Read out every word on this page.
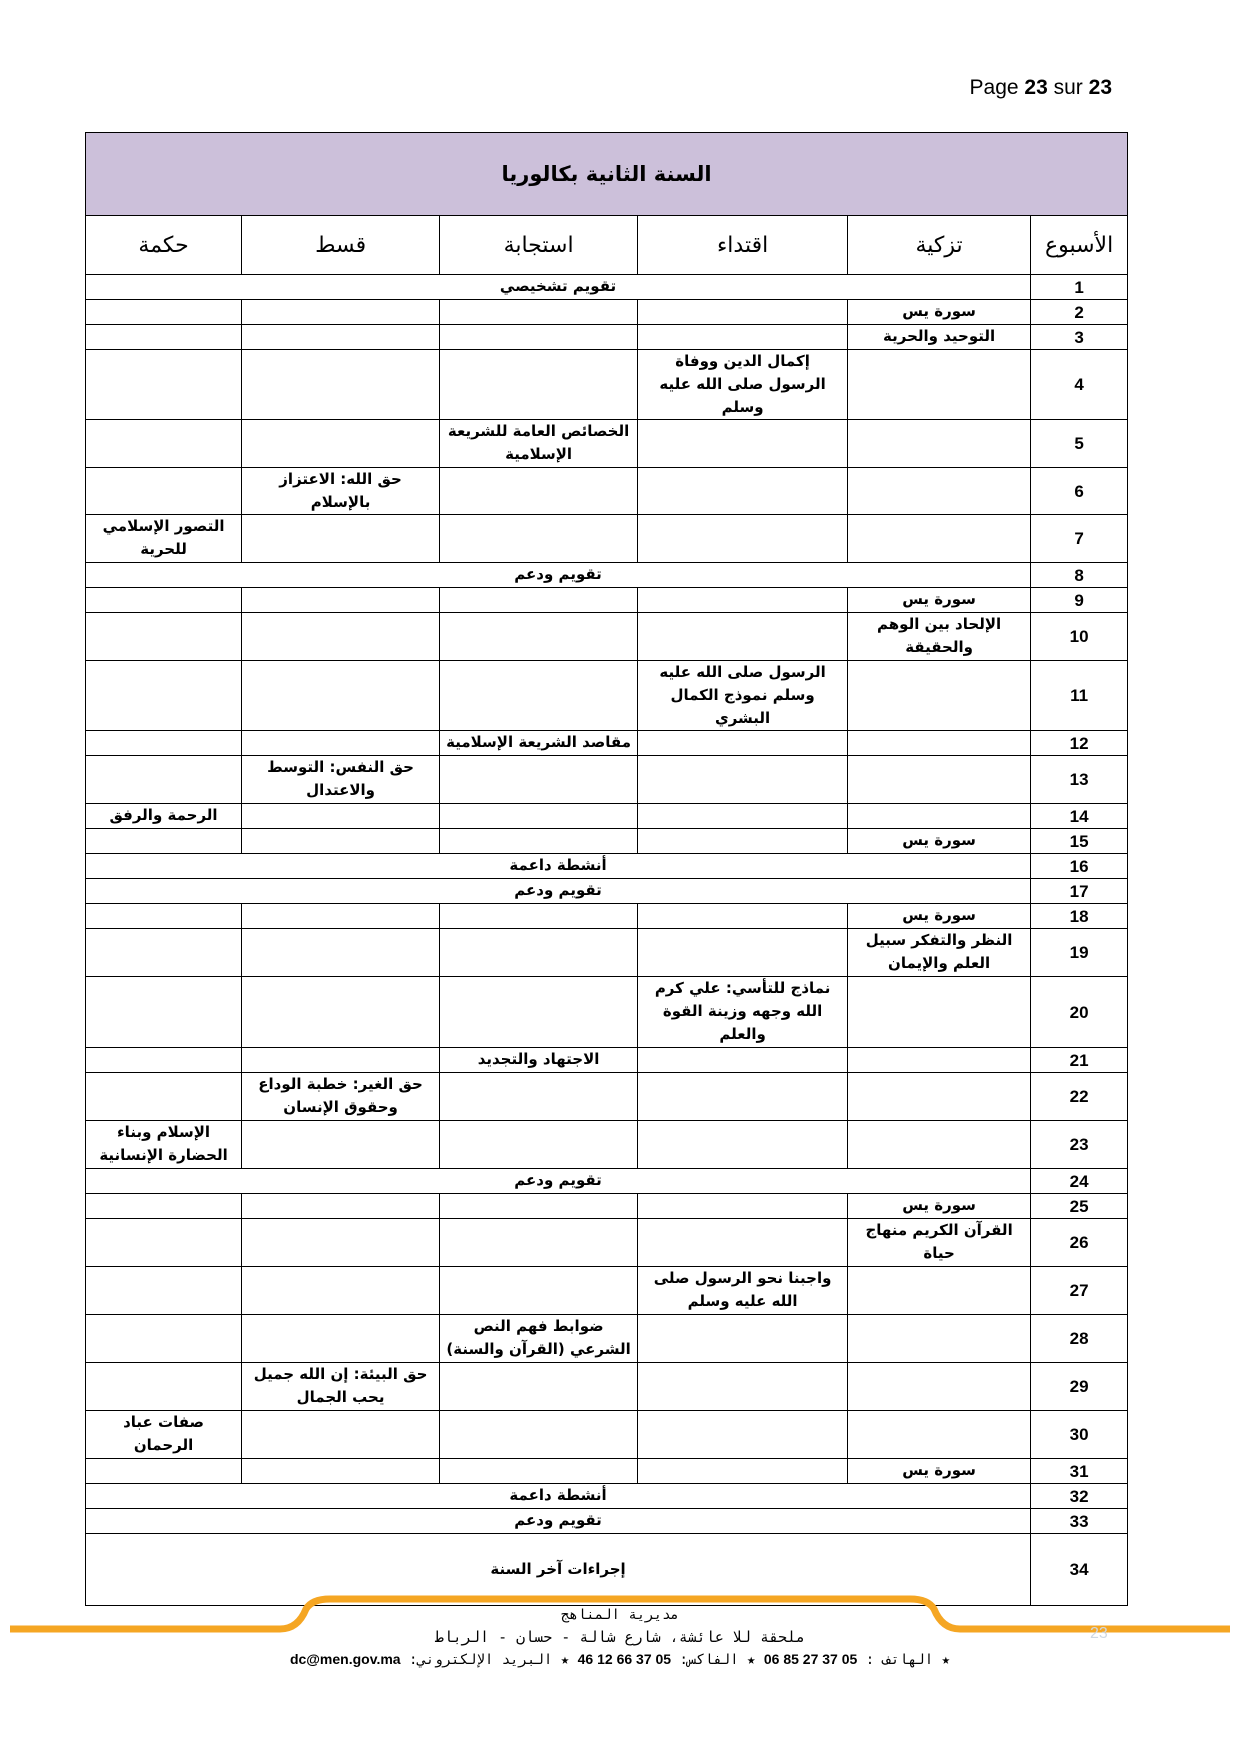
Page 23 sur 23
السنة الثانية بكالوريا					
الأسبوع	تزكية	اقتداء	استجابة	قسط	حكمة
1	تقويم تشخيصي				
2	سورة يس				
3	التوحيد والحرية				
4		إكمال الدين ووفاة الرسول صلى الله عليه وسلم			
5			الخصائص العامة للشريعة الإسلامية		
6				حق الله: الاعتزاز بالإسلام	
7					التصور الإسلامي للحرية
8	تقويم ودعم				
9	سورة يس				
10	الإلحاد بين الوهم والحقيقة				
11		الرسول صلى الله عليه وسلم نموذج الكمال البشري			
12			مقاصد الشريعة الإسلامية		
13				حق النفس: التوسط والاعتدال	
14					الرحمة والرفق
15	سورة يس				
16	أنشطة داعمة				
17	تقويم ودعم				
18	سورة يس				
19	النظر والتفكر سبيل العلم والإيمان				
20		نماذج للتأسي: علي كرم الله وجهه وزينة القوة والعلم			
21			الاجتهاد والتجديد		
22				حق الغير: خطبة الوداع وحقوق الإنسان	
23					الإسلام وبناء الحضارة الإنسانية
24	تقويم ودعم				
25	سورة يس				
26	القرآن الكريم منهاج حياة				
27		واجبنا نحو الرسول صلى الله عليه وسلم			
28			ضوابط فهم النص الشرعي (القرآن والسنة)		
29				حق البيئة: إن الله جميل يحب الجمال	
30					صفات عباد الرحمان
31	سورة يس				
32	أنشطة داعمة				
33	تقويم ودعم				
34	إجراءات آخر السنة				
23
مديرية المناهج
ملحقة للا عائشة، شارع شالة - حسان - الرباط
★ الهاتف : 05 37 27 85 06 ★ الفاكس: 05 37 66 12 46 ★ البريد الإلكتروني: dc@men.gov.ma
